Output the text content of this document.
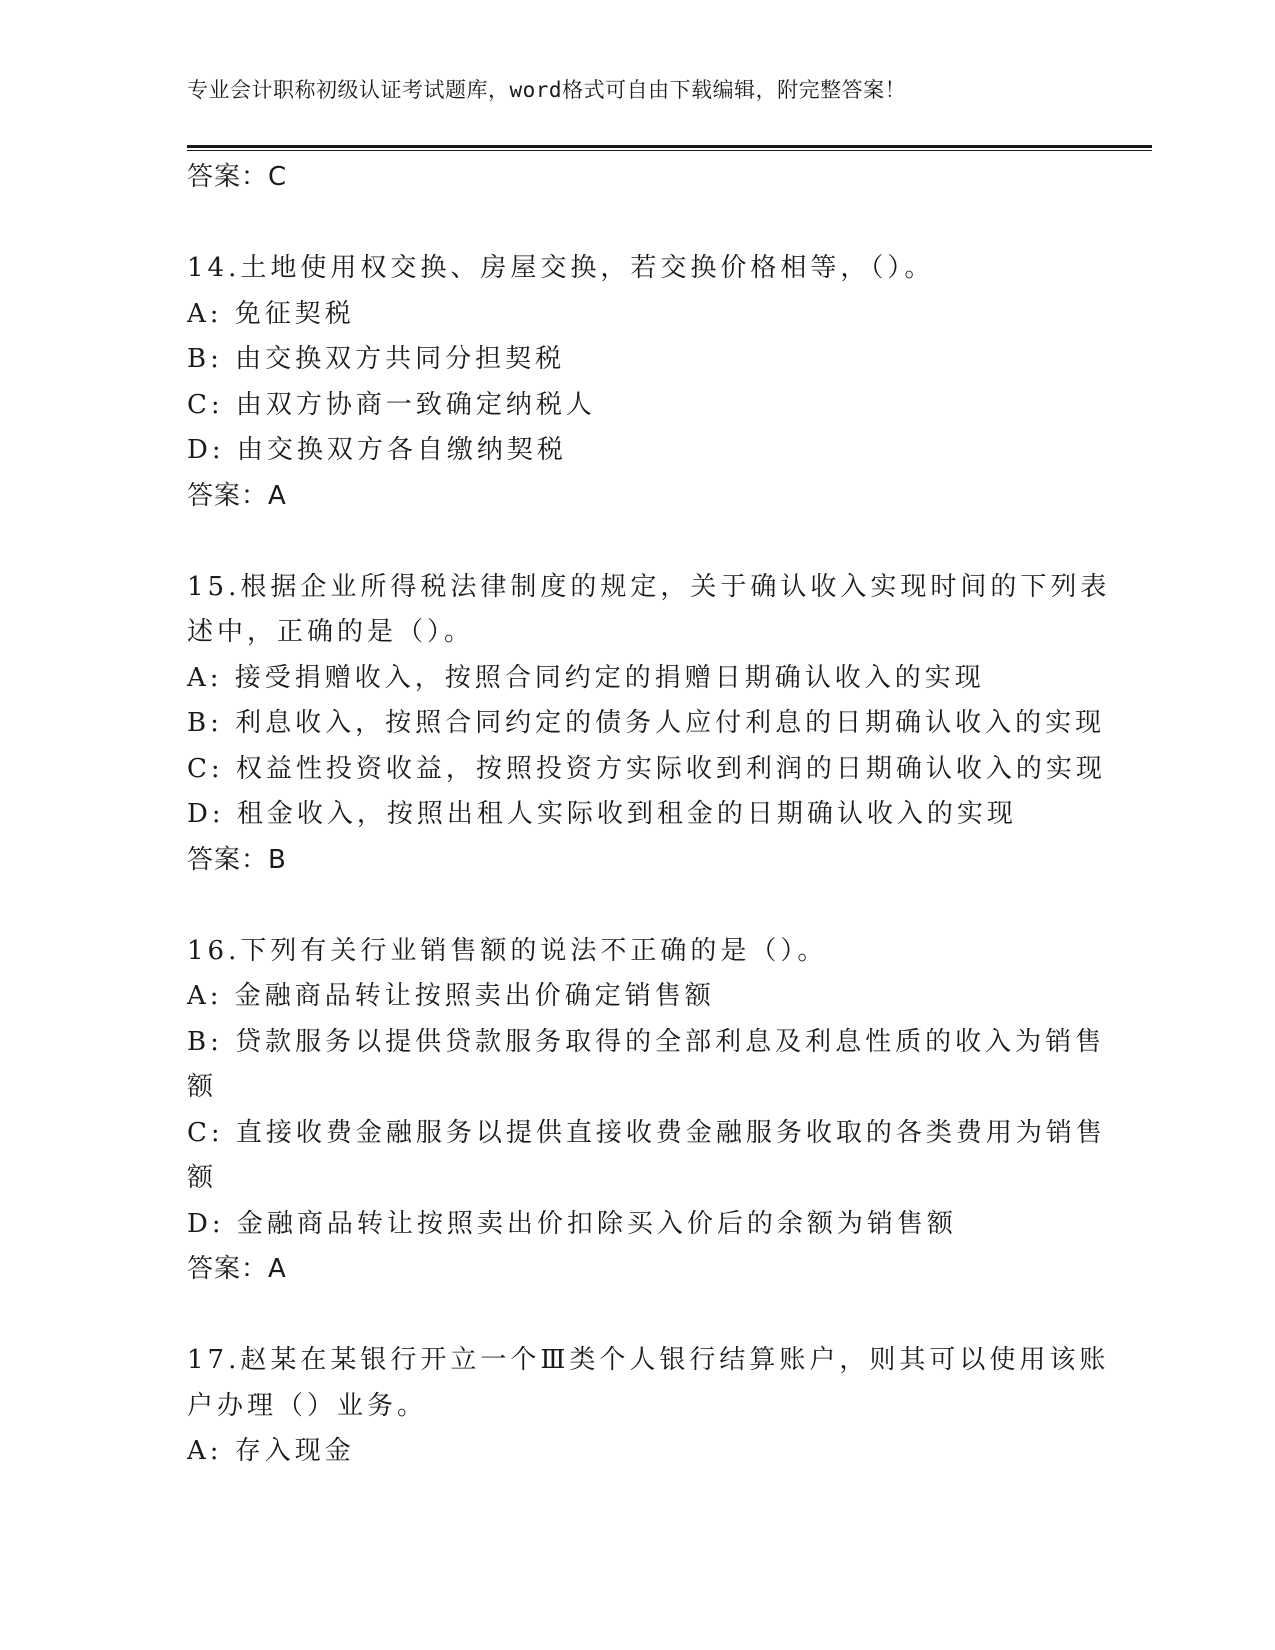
专业会计职称初级认证考试题库，word格式可自由下载编辑，附完整答案！
答案：C
14.土地使用权交换、房屋交换，若交换价格相等，（）。
A: 免征契税
B: 由交换双方共同分担契税
C: 由双方协商一致确定纳税人
D: 由交换双方各自缴纳契税
答案：A
15.根据企业所得税法律制度的规定，关于确认收入实现时间的下列表
述中，正确的是（）。
A: 接受捐赠收入，按照合同约定的捐赠日期确认收入的实现
B: 利息收入，按照合同约定的债务人应付利息的日期确认收入的实现
C: 权益性投资收益，按照投资方实际收到利润的日期确认收入的实现
D: 租金收入，按照出租人实际收到租金的日期确认收入的实现
答案：B
16.下列有关行业销售额的说法不正确的是（）。
A: 金融商品转让按照卖出价确定销售额
B: 贷款服务以提供贷款服务取得的全部利息及利息性质的收入为销售
额
C: 直接收费金融服务以提供直接收费金融服务收取的各类费用为销售
额
D: 金融商品转让按照卖出价扣除买入价后的余额为销售额
答案：A
17.赵某在某银行开立一个Ⅲ类个人银行结算账户，则其可以使用该账
户办理（）业务。
A: 存入现金
